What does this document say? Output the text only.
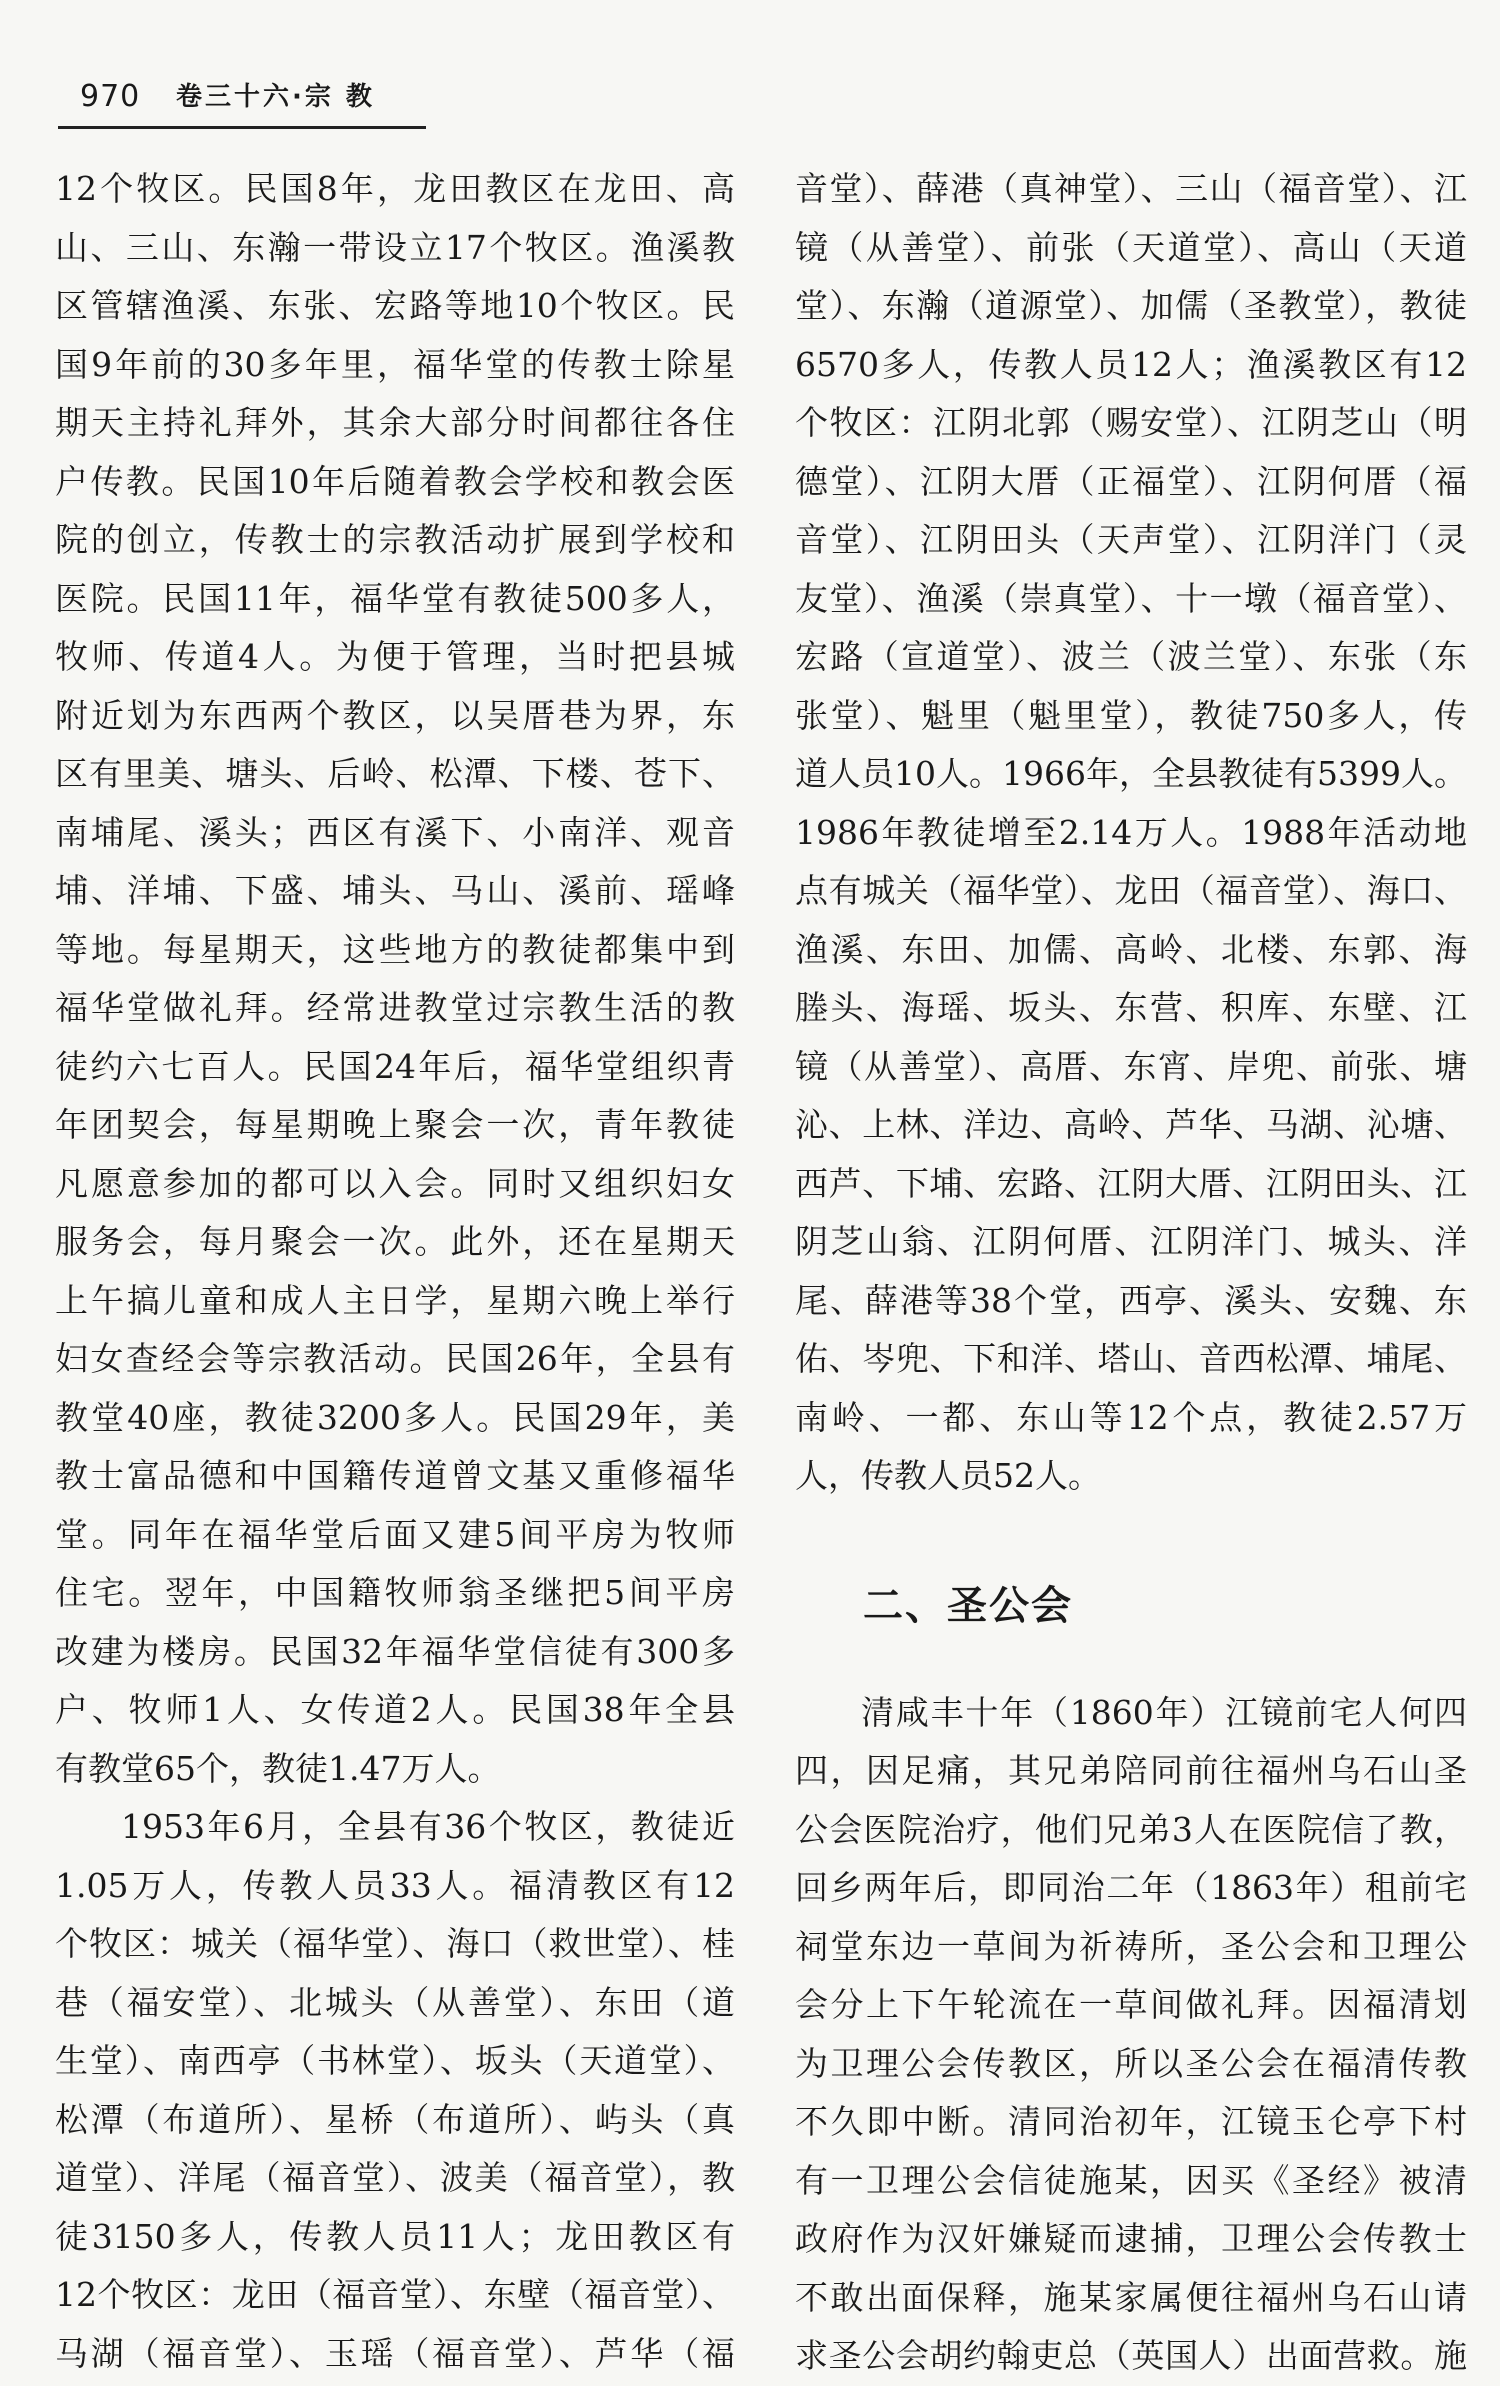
970 卷三十六·宗 教
12个牧区。民国8年，龙田教区在龙田、高
山、三山、东瀚一带设立17个牧区。渔溪教
区管辖渔溪、东张、宏路等地10个牧区。民
国9年前的30多年里，福华堂的传教士除星
期天主持礼拜外，其余大部分时间都往各住
户传教。民国10年后随着教会学校和教会医
院的创立，传教士的宗教活动扩展到学校和
医院。民国11年，福华堂有教徒500多人，
牧师、传道4人。为便于管理，当时把县城
附近划为东西两个教区，以吴厝巷为界，东
区有里美、塘头、后岭、松潭、下楼、苍下、
南埔尾、溪头；西区有溪下、小南洋、观音
埔、洋埔、下盛、埔头、马山、溪前、瑶峰
等地。每星期天，这些地方的教徒都集中到
福华堂做礼拜。经常进教堂过宗教生活的教
徒约六七百人。民国24年后，福华堂组织青
年团契会，每星期晚上聚会一次，青年教徒
凡愿意参加的都可以入会。同时又组织妇女
服务会，每月聚会一次。此外，还在星期天
上午搞儿童和成人主日学，星期六晚上举行
妇女查经会等宗教活动。民国26年，全县有
教堂40座，教徒3200多人。民国29年，美
教士富品德和中国籍传道曾文基又重修福华
堂。同年在福华堂后面又建5间平房为牧师
住宅。翌年，中国籍牧师翁圣继把5间平房
改建为楼房。民国32年福华堂信徒有300多
户、牧师1人、女传道2人。民国38年全县
有教堂65个，教徒1.47万人。
1953年6月，全县有36个牧区，教徒近
1.05万人，传教人员33人。福清教区有12
个牧区：城关（福华堂）、海口（救世堂）、桂
巷（福安堂）、北城头（从善堂）、东田（道
生堂）、南西亭（书林堂）、坂头（天道堂）、
松潭（布道所）、星桥（布道所）、屿头（真
道堂）、洋尾（福音堂）、波美（福音堂），教
徒3150多人，传教人员11人；龙田教区有
12个牧区：龙田（福音堂）、东壁（福音堂）、
马湖（福音堂）、玉瑶（福音堂）、芦华（福
音堂）、薛港（真神堂）、三山（福音堂）、江
镜（从善堂）、前张（天道堂）、高山（天道
堂）、东瀚（道源堂）、加儒（圣教堂），教徒
6570多人，传教人员12人；渔溪教区有12
个牧区：江阴北郭（赐安堂）、江阴芝山（明
德堂）、江阴大厝（正福堂）、江阴何厝（福
音堂）、江阴田头（天声堂）、江阴洋门（灵
友堂）、渔溪（崇真堂）、十一墩（福音堂）、
宏路（宣道堂）、波兰（波兰堂）、东张（东
张堂）、魁里（魁里堂），教徒750多人，传
道人员10人。1966年，全县教徒有5399人。
1986年教徒增至2.14万人。1988年活动地
点有城关（福华堂）、龙田（福音堂）、海口、
渔溪、东田、加儒、高岭、北楼、东郭、海
塍头、海瑶、坂头、东营、积库、东壁、江
镜（从善堂）、高厝、东宵、岸兜、前张、塘
沁、上林、洋边、高岭、芦华、马湖、沁塘、
西芦、下埔、宏路、江阴大厝、江阴田头、江
阴芝山翁、江阴何厝、江阴洋门、城头、洋
尾、薛港等38个堂，西亭、溪头、安魏、东
佑、岑兜、下和洋、塔山、音西松潭、埔尾、
南岭、一都、东山等12个点，教徒2.57万
人，传教人员52人。
二、圣公会
清咸丰十年（1860年）江镜前宅人何四
四，因足痛，其兄弟陪同前往福州乌石山圣
公会医院治疗，他们兄弟3人在医院信了教，
回乡两年后，即同治二年（1863年）租前宅
祠堂东边一草间为祈祷所，圣公会和卫理公
会分上下午轮流在一草间做礼拜。因福清划
为卫理公会传教区，所以圣公会在福清传教
不久即中断。清同治初年，江镜玉仑亭下村
有一卫理公会信徒施某，因买《圣经》被清
政府作为汉奸嫌疑而逮捕，卫理公会传教士
不敢出面保释，施某家属便往福州乌石山请
求圣公会胡约翰吏总（英国人）出面营救。施
